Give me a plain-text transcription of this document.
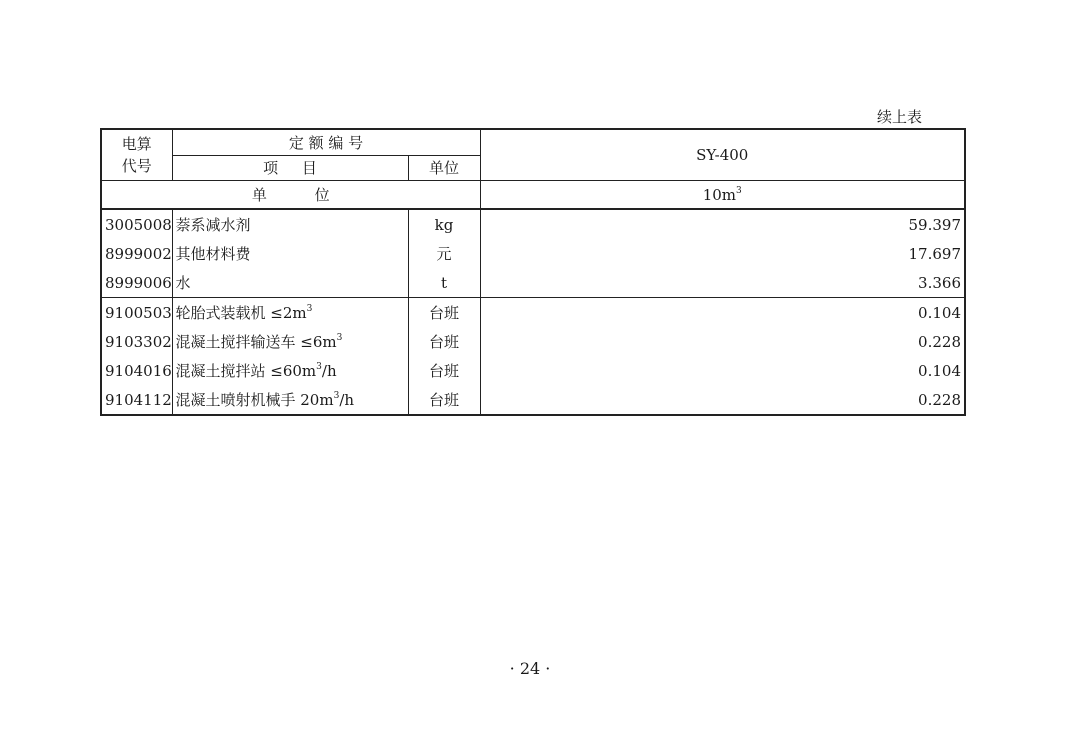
续上表
电算
代号	定 额 编 号		SY-400
	项     目	单位	
单          位			$10m^3$
3005008	萘系减水剂	kg	59.397
8999002	其他材料费	元	17.697
8999006	水	t	3.366
9100503	轮胎式装载机 $\le 2m^3$	台班	0.104
9103302	混凝土搅拌输送车 $\le 6m^3$	台班	0.228
9104016	混凝土搅拌站 $\le 60m^3/h$	台班	0.104
9104112	混凝土喷射机械手 $20m^3/h$	台班	0.228
· 24 ·
